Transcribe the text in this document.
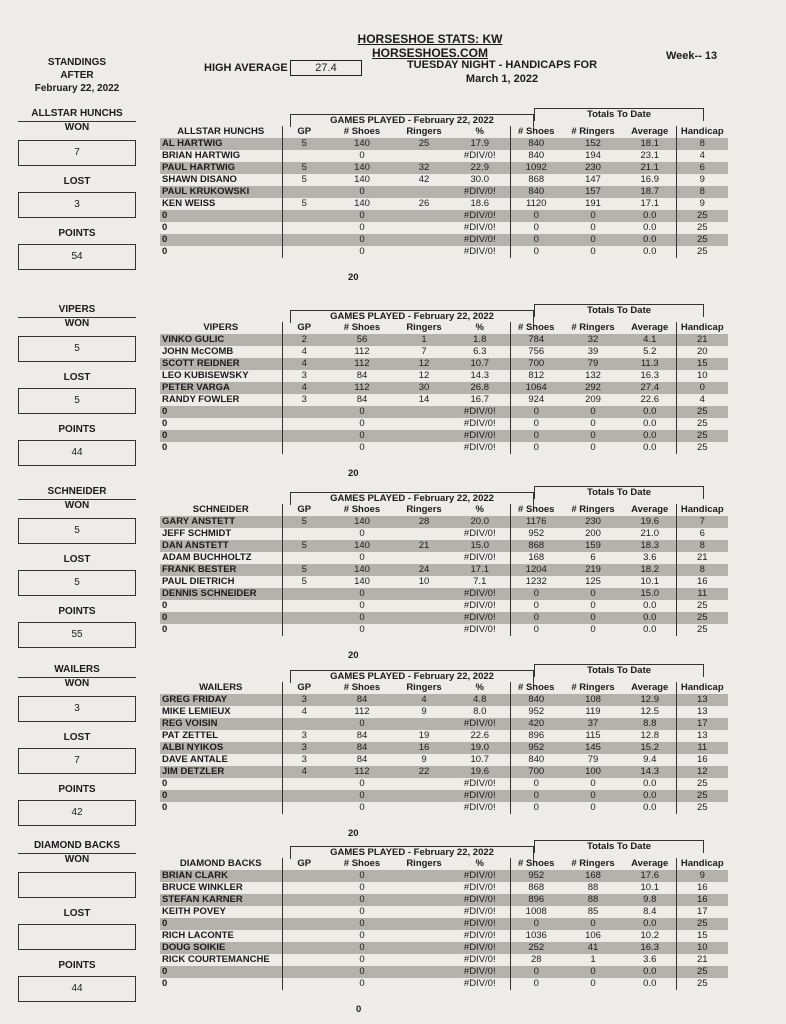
HORSESHOE STATS: KW HORSESHOES.COM
STANDINGS
AFTER
February 22, 2022
HIGH AVERAGE	27.4	TUESDAY NIGHT - HANDICAPS FOR
March 1, 2022
Week-- 13
ALLSTAR HUNCHS
WON
7
LOST
3
POINTS
54
GAMES PLAYED - February 22, 2022
Totals To Date
ALLSTAR HUNCHS	GP	# Shoes	Ringers	%	# Shoes	# Ringers	Average	Handicap
AL HARTWIG	5	140	25	17.9	840	152	18.1	8
BRIAN HARTWIG		0		#DIV/0!	840	194	23.1	4
PAUL HARTWIG	5	140	32	22.9	1092	230	21.1	6
SHAWN DISANO	5	140	42	30.0	868	147	16.9	9
PAUL KRUKOWSKI		0		#DIV/0!	840	157	18.7	8
KEN WEISS	5	140	26	18.6	1120	191	17.1	9
0		0		#DIV/0!	0	0	0.0	25
0		0		#DIV/0!	0	0	0.0	25
0		0		#DIV/0!	0	0	0.0	25
0		0		#DIV/0!	0	0	0.0	25
20
VIPERS
WON
5
LOST
5
POINTS
44
GAMES PLAYED - February 22, 2022
Totals To Date
VIPERS	GP	# Shoes	Ringers	%	# Shoes	# Ringers	Average	Handicap
VINKO GULIC	2	56	1	1.8	784	32	4.1	21
JOHN McCOMB	4	112	7	6.3	756	39	5.2	20
SCOTT REIDNER	4	112	12	10.7	700	79	11.3	15
LEO KUBISEWSKY	3	84	12	14.3	812	132	16.3	10
PETER VARGA	4	112	30	26.8	1064	292	27.4	0
RANDY FOWLER	3	84	14	16.7	924	209	22.6	4
0		0		#DIV/0!	0	0	0.0	25
0		0		#DIV/0!	0	0	0.0	25
0		0		#DIV/0!	0	0	0.0	25
0		0		#DIV/0!	0	0	0.0	25
20
SCHNEIDER
WON
5
LOST
5
POINTS
55
GAMES PLAYED - February 22, 2022
Totals To Date
SCHNEIDER	GP	# Shoes	Ringers	%	# Shoes	# Ringers	Average	Handicap
GARY ANSTETT	5	140	28	20.0	1176	230	19.6	7
JEFF SCHMIDT		0		#DIV/0!	952	200	21.0	6
DAN ANSTETT	5	140	21	15.0	868	159	18.3	8
ADAM BUCHHOLTZ		0		#DIV/0!	168	6	3.6	21
FRANK BESTER	5	140	24	17.1	1204	219	18.2	8
PAUL DIETRICH	5	140	10	7.1	1232	125	10.1	16
DENNIS SCHNEIDER		0		#DIV/0!	0	0	15.0	11
0		0		#DIV/0!	0	0	0.0	25
0		0		#DIV/0!	0	0	0.0	25
0		0		#DIV/0!	0	0	0.0	25
20
WAILERS
WON
3
LOST
7
POINTS
42
GAMES PLAYED - February 22, 2022
Totals To Date
WAILERS	GP	# Shoes	Ringers	%	# Shoes	# Ringers	Average	Handicap
GREG FRIDAY	3	84	4	4.8	840	108	12.9	13
MIKE LEMIEUX	4	112	9	8.0	952	119	12.5	13
REG VOISIN		0		#DIV/0!	420	37	8.8	17
PAT ZETTEL	3	84	19	22.6	896	115	12.8	13
ALBI NYIKOS	3	84	16	19.0	952	145	15.2	11
DAVE ANTALE	3	84	9	10.7	840	79	9.4	16
JIM DETZLER	4	112	22	19.6	700	100	14.3	12
0		0		#DIV/0!	0	0	0.0	25
0		0		#DIV/0!	0	0	0.0	25
0		0		#DIV/0!	0	0	0.0	25
20
DIAMOND BACKS
WON
LOST
POINTS
44
GAMES PLAYED - February 22, 2022
Totals To Date
DIAMOND BACKS	GP	# Shoes	Ringers	%	# Shoes	# Ringers	Average	Handicap
BRIAN CLARK		0		#DIV/0!	952	168	17.6	9
BRUCE WINKLER		0		#DIV/0!	868	88	10.1	16
STEFAN KARNER		0		#DIV/0!	896	88	9.8	16
KEITH POVEY		0		#DIV/0!	1008	85	8.4	17
0		0		#DIV/0!	0	0	0.0	25
RICH LACONTE		0		#DIV/0!	1036	106	10.2	15
DOUG SOIKIE		0		#DIV/0!	252	41	16.3	10
RICK COURTEMANCHE		0		#DIV/0!	28	1	3.6	21
0		0		#DIV/0!	0	0	0.0	25
0		0		#DIV/0!	0	0	0.0	25
0
